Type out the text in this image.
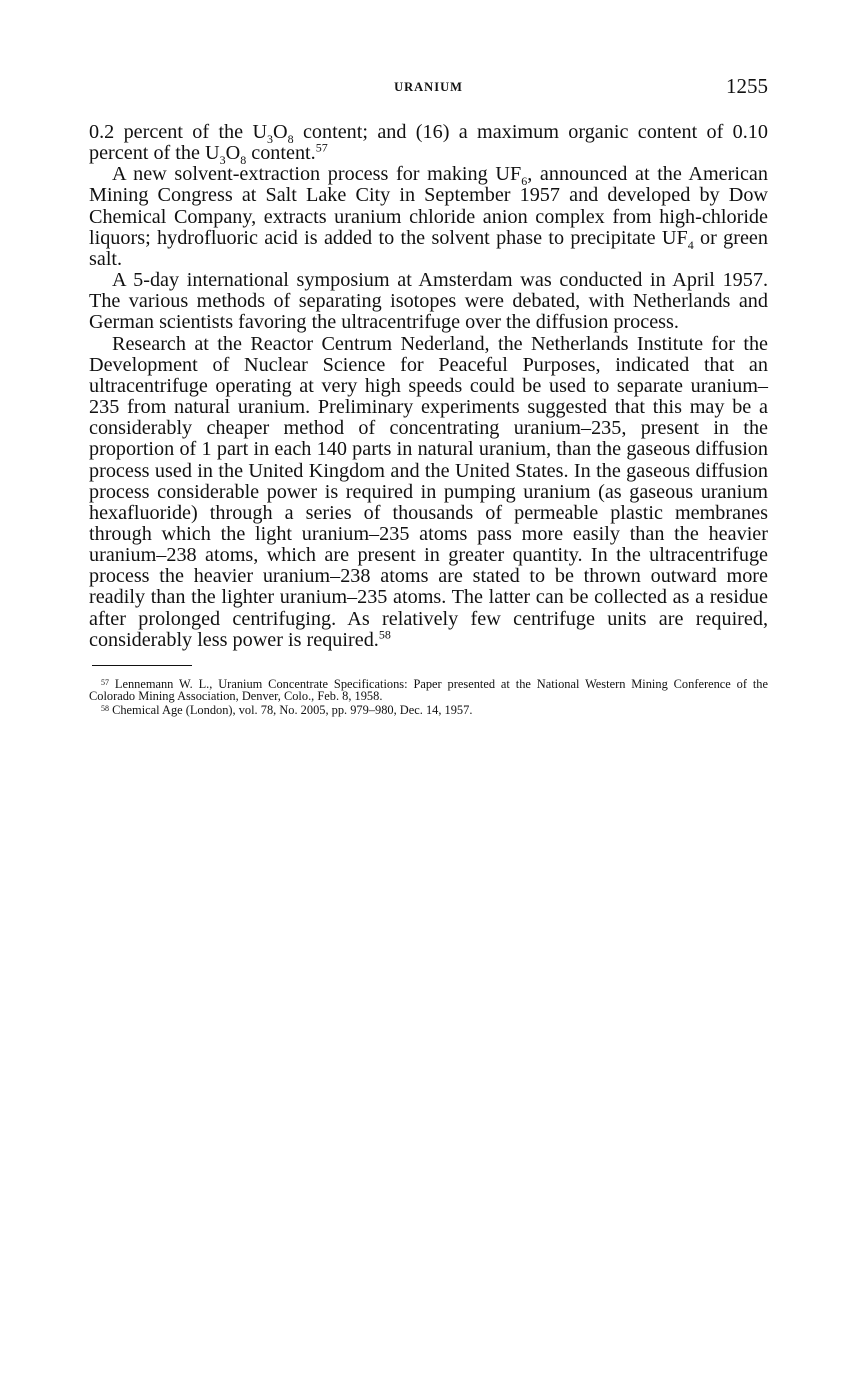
URANIUM	1255

0.2 percent of the $U_3O_8$ content; and (16) a maximum organic content of 0.10 percent of the $U_3O_8$ content.$^{57}$

A new solvent-extraction process for making $UF_6$, announced at the American Mining Congress at Salt Lake City in September 1957 and developed by Dow Chemical Company, extracts uranium chloride anion complex from high-chloride liquors; hydrofluoric acid is added to the solvent phase to precipitate $UF_4$ or green salt.

A 5-day international symposium at Amsterdam was conducted in April 1957. The various methods of separating isotopes were debated, with Netherlands and German scientists favoring the ultracentrifuge over the diffusion process.

Research at the Reactor Centrum Nederland, the Netherlands Institute for the Development of Nuclear Science for Peaceful Purposes, indicated that an ultracentrifuge operating at very high speeds could be used to separate uranium–235 from natural uranium. Preliminary experiments suggested that this may be a considerably cheaper method of concentrating uranium–235, present in the proportion of 1 part in each 140 parts in natural uranium, than the gaseous diffusion process used in the United Kingdom and the United States. In the gaseous diffusion process considerable power is required in pumping uranium (as gaseous uranium hexafluoride) through a series of thousands of permeable plastic membranes through which the light uranium–235 atoms pass more easily than the heavier uranium–238 atoms, which are present in greater quantity. In the ultracentrifuge process the heavier uranium–238 atoms are stated to be thrown outward more readily than the lighter uranium–235 atoms. The latter can be collected as a residue after prolonged centrifuging. As relatively few centrifuge units are required, considerably less power is required.$^{58}$

$^{57}$ Lennemann W. L., Uranium Concentrate Specifications: Paper presented at the National Western Mining Conference of the Colorado Mining Association, Denver, Colo., Feb. 8, 1958.

$^{58}$ Chemical Age (London), vol. 78, No. 2005, pp. 979–980, Dec. 14, 1957.
